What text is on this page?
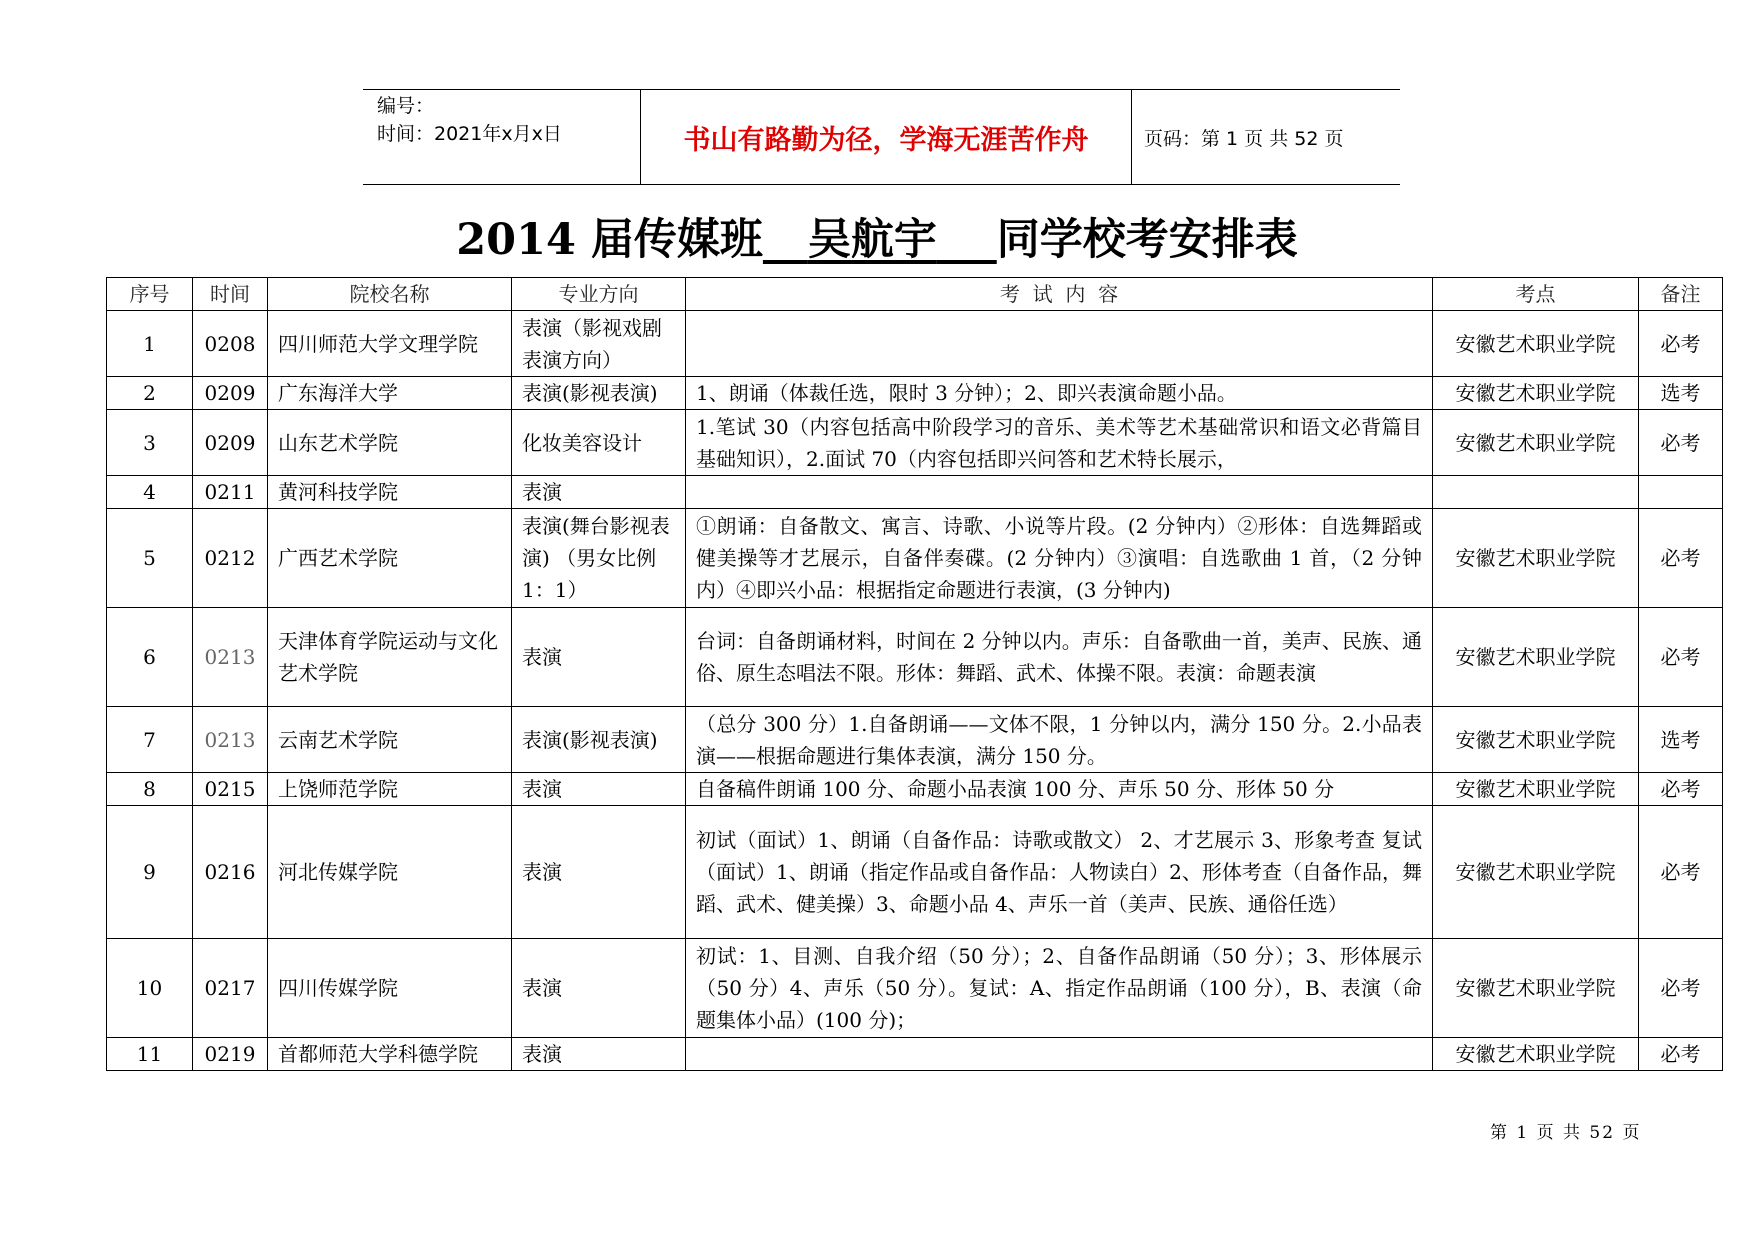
编号：
时间：2021年x月x日	书山有路勤为径，学海无涯苦作舟	页码：第 1 页 共 52 页
2014 届传媒班 吴航宇 同学校考安排表
序号	时间	院校名称	专业方向	考  试  内  容	考点	备注
1	0208	四川师范大学文理学院	表演（影视戏剧表演方向）		安徽艺术职业学院	必考
2	0209	广东海洋大学	表演(影视表演)	1、朗诵（体裁任选，限时 3 分钟）；2、即兴表演命题小品。	安徽艺术职业学院	选考
3	0209	山东艺术学院	化妆美容设计	1.笔试 30（内容包括高中阶段学习的音乐、美术等艺术基础常识和语文必背篇目基础知识），2.面试 70（内容包括即兴问答和艺术特长展示，	安徽艺术职业学院	必考
4	0211	黄河科技学院	表演			
5	0212	广西艺术学院	表演(舞台影视表演) （男女比例 1：1）	①朗诵：自备散文、寓言、诗歌、小说等片段。(2 分钟内）②形体：自选舞蹈或健美操等才艺展示，自备伴奏碟。(2 分钟内）③演唱：自选歌曲 1 首，（2 分钟内）④即兴小品：根据指定命题进行表演，(3 分钟内)	安徽艺术职业学院	必考
6	0213	天津体育学院运动与文化艺术学院	表演	台词：自备朗诵材料，时间在 2 分钟以内。声乐：自备歌曲一首，美声、民族、通俗、原生态唱法不限。形体：舞蹈、武术、体操不限。表演：命题表演	安徽艺术职业学院	必考
7	0213	云南艺术学院	表演(影视表演)	（总分 300 分）1.自备朗诵——文体不限，1 分钟以内，满分 150 分。2.小品表演——根据命题进行集体表演，满分 150 分。	安徽艺术职业学院	选考
8	0215	上饶师范学院	表演	自备稿件朗诵 100 分、命题小品表演 100 分、声乐 50 分、形体 50 分	安徽艺术职业学院	必考
9	0216	河北传媒学院	表演	初试（面试）1、朗诵（自备作品：诗歌或散文） 2、才艺展示 3、形象考查 复试（面试）1、朗诵（指定作品或自备作品：人物读白）2、形体考查（自备作品，舞蹈、武术、健美操）3、命题小品 4、声乐一首（美声、民族、通俗任选）	安徽艺术职业学院	必考
10	0217	四川传媒学院	表演	初试：1、目测、自我介绍（50 分）；2、自备作品朗诵（50 分）；3、形体展示（50 分）4、声乐（50 分）。复试：A、指定作品朗诵（100 分），B、表演（命题集体小品）(100 分)；	安徽艺术职业学院	必考
11	0219	首都师范大学科德学院	表演		安徽艺术职业学院	必考
第 1 页 共 52 页
